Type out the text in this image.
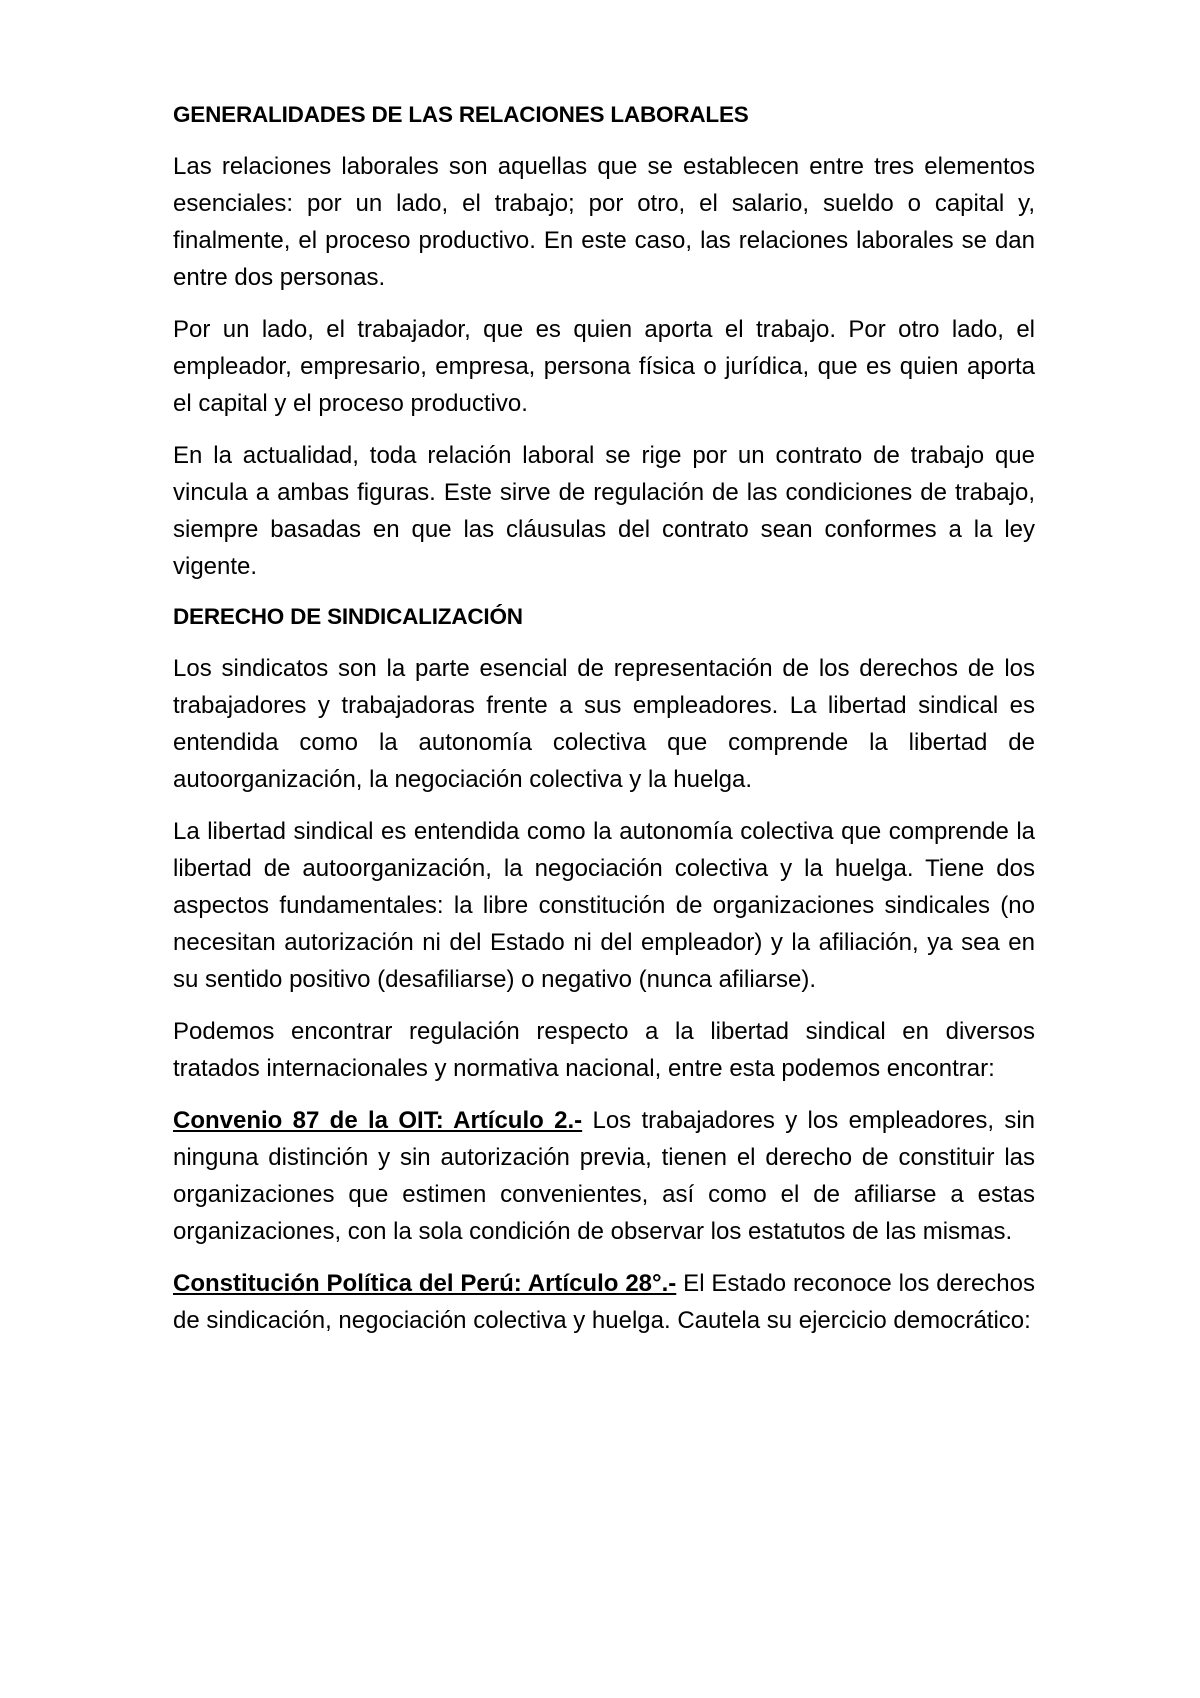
GENERALIDADES DE LAS RELACIONES LABORALES

Las relaciones laborales son aquellas que se establecen entre tres elementos esenciales: por un lado, el trabajo; por otro, el salario, sueldo o capital y, finalmente, el proceso productivo. En este caso, las relaciones laborales se dan entre dos personas.

Por un lado, el trabajador, que es quien aporta el trabajo. Por otro lado, el empleador, empresario, empresa, persona física o jurídica, que es quien aporta el capital y el proceso productivo.

En la actualidad, toda relación laboral se rige por un contrato de trabajo que vincula a ambas figuras. Este sirve de regulación de las condiciones de trabajo, siempre basadas en que las cláusulas del contrato sean conformes a la ley vigente.

DERECHO DE SINDICALIZACIÓN

Los sindicatos son la parte esencial de representación de los derechos de los trabajadores y trabajadoras frente a sus empleadores. La libertad sindical es entendida como la autonomía colectiva que comprende la libertad de autoorganización, la negociación colectiva y la huelga.

La libertad sindical es entendida como la autonomía colectiva que comprende la libertad de autoorganización, la negociación colectiva y la huelga. Tiene dos aspectos fundamentales: la libre constitución de organizaciones sindicales (no necesitan autorización ni del Estado ni del empleador) y la afiliación, ya sea en su sentido positivo (desafiliarse) o negativo (nunca afiliarse).

Podemos encontrar regulación respecto a la libertad sindical en diversos tratados internacionales y normativa nacional, entre esta podemos encontrar:

Convenio 87 de la OIT: Artículo 2.- Los trabajadores y los empleadores, sin ninguna distinción y sin autorización previa, tienen el derecho de constituir las organizaciones que estimen convenientes, así como el de afiliarse a estas organizaciones, con la sola condición de observar los estatutos de las mismas.

Constitución Política del Perú: Artículo 28°.- El Estado reconoce los derechos de sindicación, negociación colectiva y huelga. Cautela su ejercicio democrático:
